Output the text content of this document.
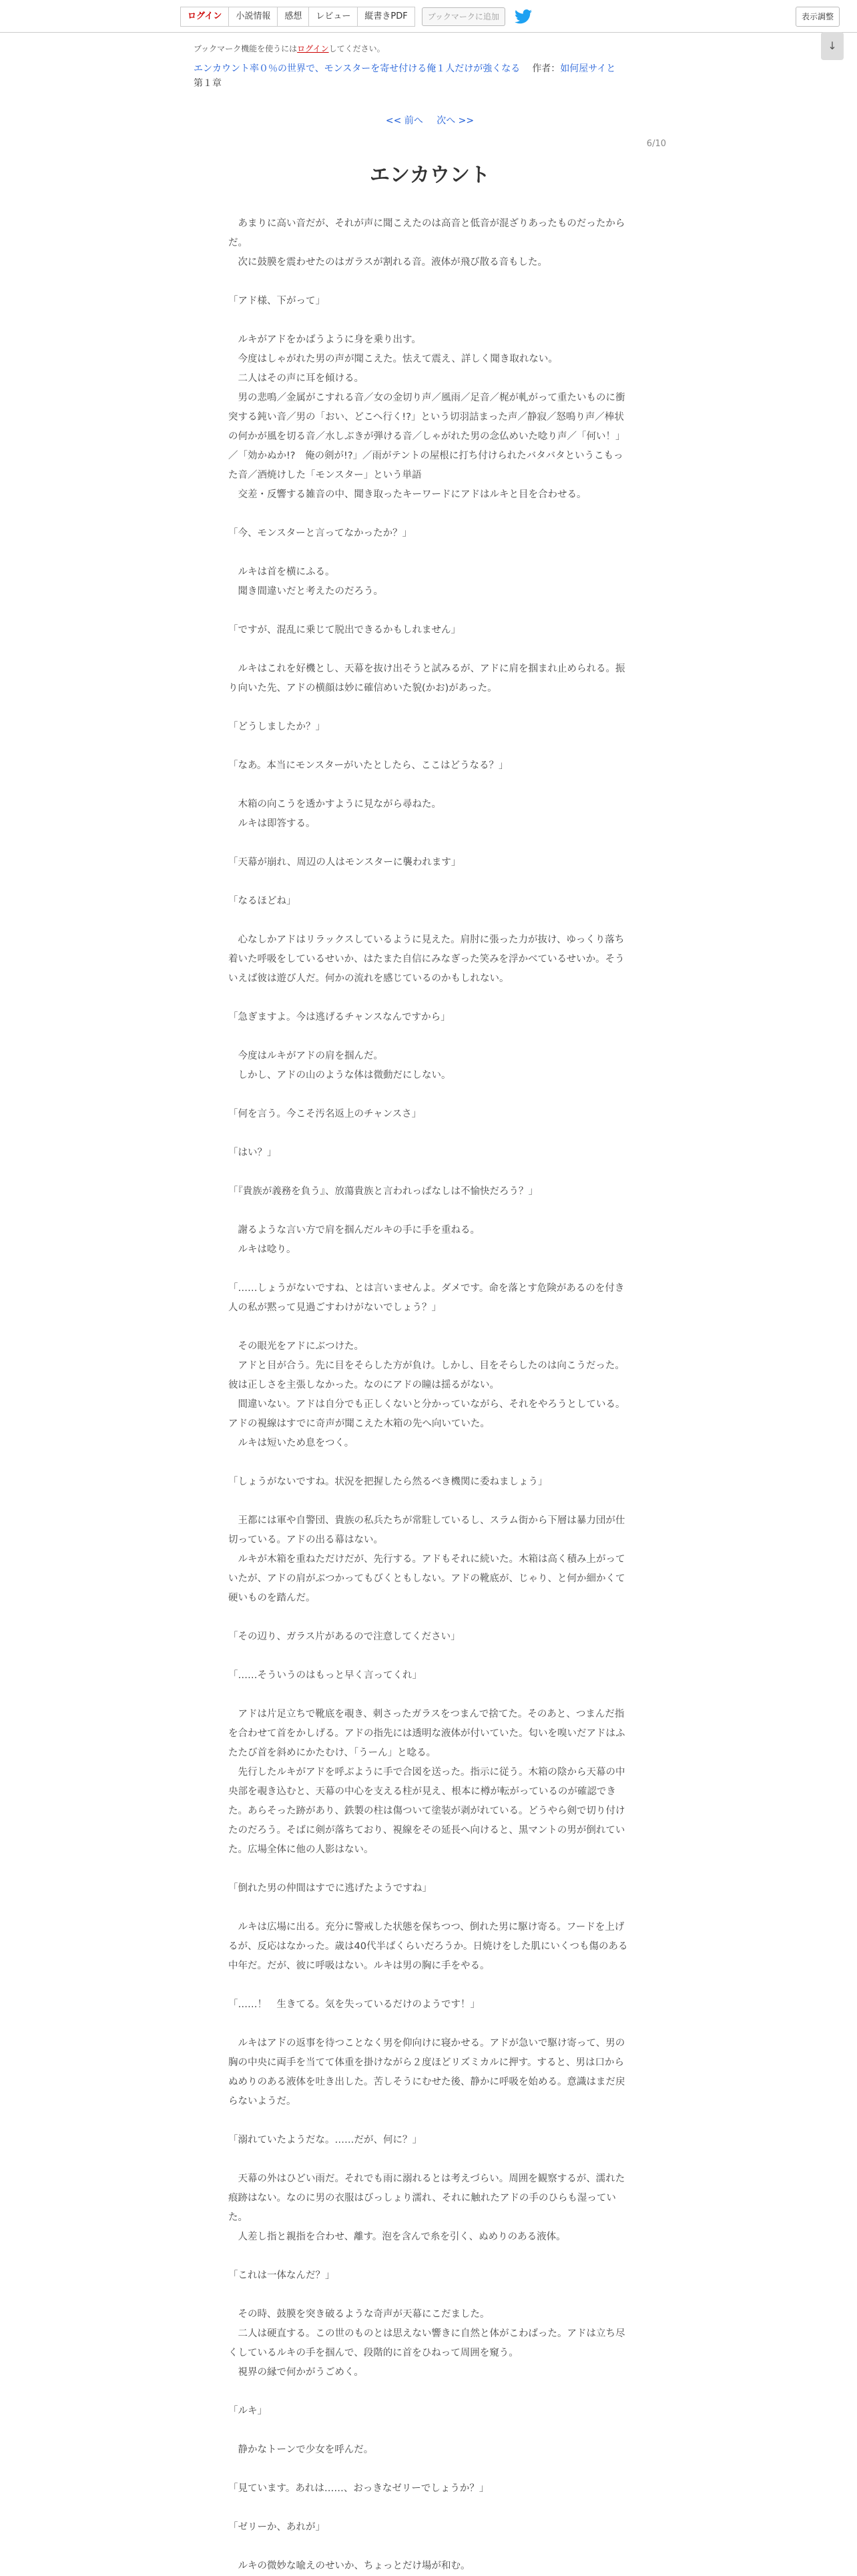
ログイン	小説情報	感想	レビュー	縦書きPDF	ブックマークに追加	表示調整
↓
ブックマーク機能を使うにはログインしてください。
エンカウント率０％の世界で、モンスターを寄せ付ける俺１人だけが強くなる 作者： 如何屋サイと
第１章
<< 前へ 次へ >>
6/10
エンカウント

　あまりに高い音だが、それが声に聞こえたのは高音と低音が混ざりあったものだったからだ。

　次に鼓膜を震わせたのはガラスが割れる音。液体が飛び散る音もした。

「アド様、下がって」

　ルキがアドをかばうように身を乗り出す。

　今度はしゃがれた男の声が聞こえた。怯えて震え、詳しく聞き取れない。

　二人はその声に耳を傾ける。

　男の悲鳴／金属がこすれる音／女の金切り声／風雨／足音／梶が軋がって重たいものに衝突する鈍い音／男の「おい、どこへ行く!?」という切羽詰まった声／静寂／怒鳴り声／棒状の何かが風を切る音／水しぶきが弾ける音／しゃがれた男の念仏めいた唸り声／「何い！」／「効かぬか!?　俺の剣が!?」／雨がテントの屋根に打ち付けられたバタバタというこもった音／酒焼けした「モンスター」という単語

　交差・反響する雑音の中、聞き取ったキーワードにアドはルキと目を合わせる。

「今、モンスターと言ってなかったか？」

　ルキは首を横にふる。

　聞き間違いだと考えたのだろう。

「ですが、混乱に乗じて脱出できるかもしれません」

　ルキはこれを好機とし、天幕を抜け出そうと試みるが、アドに肩を掴まれ止められる。振り向いた先、アドの横顔は妙に確信めいた貌(かお)があった。

「どうしましたか？」

「なあ。本当にモンスターがいたとしたら、ここはどうなる？」

　木箱の向こうを透かすように見ながら尋ねた。

　ルキは即答する。

「天幕が崩れ、周辺の人はモンスターに襲われます」

「なるほどね」

　心なしかアドはリラックスしているように見えた。肩肘に張った力が抜け、ゆっくり落ち着いた呼吸をしているせいか、はたまた自信にみなぎった笑みを浮かべているせいか。そういえば彼は遊び人だ。何かの流れを感じているのかもしれない。

「急ぎますよ。今は逃げるチャンスなんですから」

　今度はルキがアドの肩を掴んだ。

　しかし、アドの山のような体は微動だにしない。

「何を言う。今こそ汚名返上のチャンスさ」

「はい？」

「『貴族が義務を負う』、放蕩貴族と言われっぱなしは不愉快だろう？」

　謝るような言い方で肩を掴んだルキの手に手を重ねる。

　ルキは唸り。

「……しょうがないですね、とは言いませんよ。ダメです。命を落とす危険があるのを付き人の私が黙って見過ごすわけがないでしょう？」

　その眼光をアドにぶつけた。

　アドと目が合う。先に目をそらした方が負け。しかし、目をそらしたのは向こうだった。彼は正しさを主張しなかった。なのにアドの瞳は揺るがない。

　間違いない。アドは自分でも正しくないと分かっていながら、それをやろうとしている。アドの視線はすでに奇声が聞こえた木箱の先へ向いていた。

　ルキは短いため息をつく。

「しょうがないですね。状況を把握したら然るべき機関に委ねましょう」

　王都には軍や自警団、貴族の私兵たちが常駐しているし、スラム街から下層は暴力団が仕切っている。アドの出る幕はない。

　ルキが木箱を重ねただけだが、先行する。アドもそれに続いた。木箱は高く積み上がっていたが、アドの肩がぶつかってもびくともしない。アドの靴底が、じゃり、と何か細かくて硬いものを踏んだ。

「その辺り、ガラス片があるので注意してください」

「……そういうのはもっと早く言ってくれ」

　アドは片足立ちで靴底を覗き、刺さったガラスをつまんで捨てた。そのあと、つまんだ指を合わせて首をかしげる。アドの指先には透明な液体が付いていた。匂いを嗅いだアドはふたたび首を斜めにかたむけ、「うーん」と唸る。

　先行したルキがアドを呼ぶように手で合図を送った。指示に従う。木箱の陰から天幕の中央部を覗き込むと、天幕の中心を支える柱が見え、根本に樽が転がっているのが確認できた。あらそった跡があり、鉄製の柱は傷ついて塗装が剥がれている。どうやら剣で切り付けたのだろう。そばに剣が落ちており、視線をその延長へ向けると、黒マントの男が倒れていた。広場全体に他の人影はない。

「倒れた男の仲間はすでに逃げたようですね」

　ルキは広場に出る。充分に警戒した状態を保ちつつ、倒れた男に駆け寄る。フードを上げるが、反応はなかった。歳は40代半ばくらいだろうか。日焼けをした肌にいくつも傷のある中年だ。だが、彼に呼吸はない。ルキは男の胸に手をやる。

「……！　生きてる。気を失っているだけのようです！」

　ルキはアドの返事を待つことなく男を仰向けに寝かせる。アドが急いで駆け寄って、男の胸の中央に両手を当てて体重を掛けながら２度ほどリズミカルに押す。すると、男は口からぬめりのある液体を吐き出した。苦しそうにむせた後、静かに呼吸を始める。意識はまだ戻らないようだ。

「溺れていたようだな。……だが、何に？」

　天幕の外はひどい雨だ。それでも雨に溺れるとは考えづらい。周囲を観察するが、濡れた痕跡はない。なのに男の衣服はびっしょり濡れ、それに触れたアドの手のひらも湿っていた。

　人差し指と親指を合わせ、離す。泡を含んで糸を引く、ぬめりのある液体。

「これは一体なんだ？」

　その時、鼓膜を突き破るような奇声が天幕にこだました。

　二人は硬直する。この世のものとは思えない響きに自然と体がこわばった。アドは立ち尽くしているルキの手を掴んで、段階的に首をひねって周囲を窺う。

　視界の縁で何かがうごめく。

「ルキ」

　静かなトーンで少女を呼んだ。

「見ています。あれは……、おっきなゼリーでしょうか？」

「ゼリーか、あれが」

　ルキの微妙な喩えのせいか、ちょっとだけ場が和む。
